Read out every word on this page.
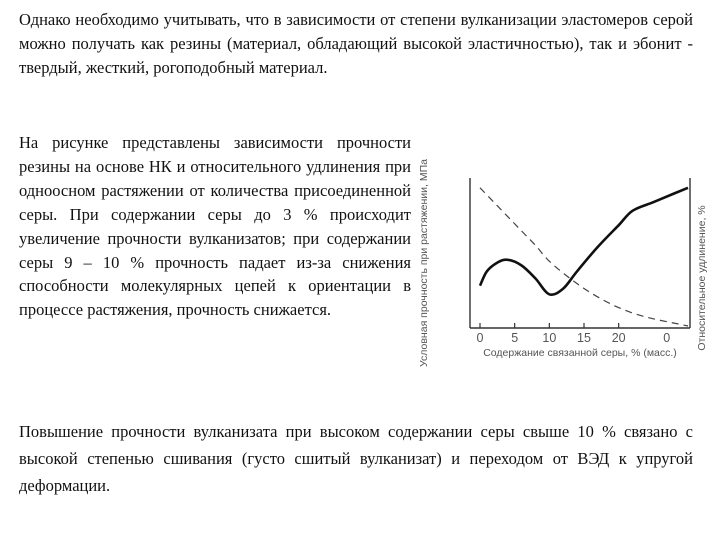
Однако необходимо учитывать, что в зависимости от степени вулканизации эластомеров серой можно получать как резины (материал, обладающий высокой эластичностью), так и эбонит - твердый, жесткий, рогоподобный материал.

На рисунке представлены зависимости прочности резины на основе НК и относительного удлинения при одноосном растяжении от количества присоединенной серы. При содержании серы до 3 % происходит увеличение прочности вулканизатов; при содержании серы 9 – 10 % прочность падает из-за снижения способности молекулярных цепей к ориентации в процессе растяжения, прочность снижается.

0 5 10 15 20	0
Условная прочность при растяжении, МПа	Относительное удлинение, %
Содержание связанной серы, % (масс.)

Повышение прочности вулканизата при высоком содержании серы свыше 10 % связано с высокой степенью сшивания (густо сшитый вулканизат) и переходом от ВЭД к упругой деформации.
